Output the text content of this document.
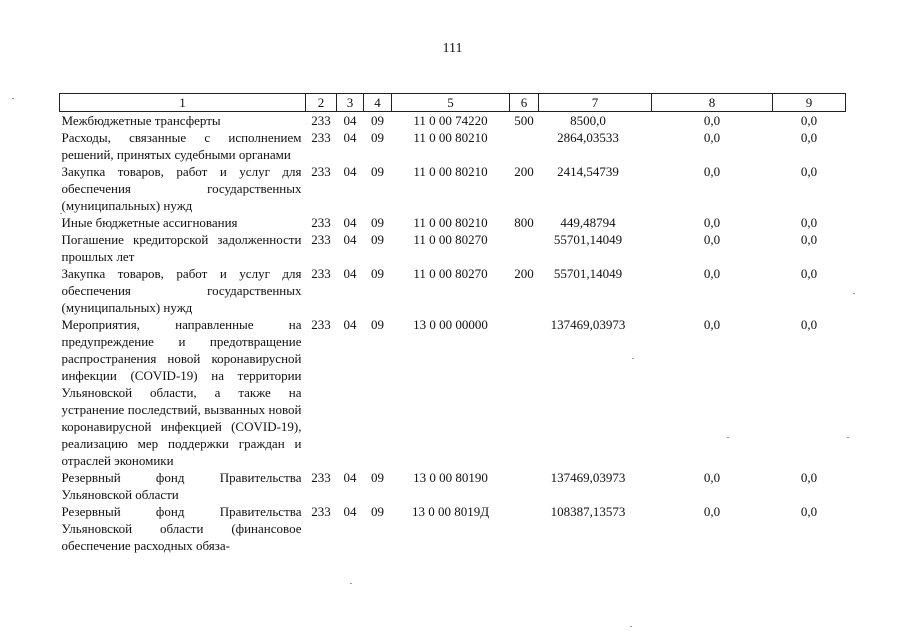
111
1	2	3	4	5	6	7	8	9
Межбюджетные трансферты	233	04	09	11 0 00 74220	500	8500,0	0,0	0,0
Расходы, связанные с исполнением решений, принятых судебными органами	233	04	09	11 0 00 80210		2864,03533	0,0	0,0
Закупка товаров, работ и услуг для обеспечения государственных (муниципальных) нужд	233	04	09	11 0 00 80210	200	2414,54739	0,0	0,0
Иные бюджетные ассигнования	233	04	09	11 0 00 80210	800	449,48794	0,0	0,0
Погашение кредиторской задолженности прошлых лет	233	04	09	11 0 00 80270		55701,14049	0,0	0,0
Закупка товаров, работ и услуг для обеспечения государственных (муниципальных) нужд	233	04	09	11 0 00 80270	200	55701,14049	0,0	0,0
Мероприятия, направленные на предупреждение и предотвращение распространения новой коронавирусной инфекции (COVID-19) на территории Ульяновской области, а также на устранение последствий, вызванных новой коронавирусной инфекцией (COVID-19), реализацию мер поддержки граждан и отраслей экономики	233	04	09	13 0 00 00000		137469,03973	0,0	0,0
Резервный фонд Правительства Ульяновской области	233	04	09	13 0 00 80190		137469,03973	0,0	0,0
Резервный фонд Правительства Ульяновской области (финансовое обеспечение расходных обяза-	233	04	09	13 0 00 8019Д		108387,13573	0,0	0,0
